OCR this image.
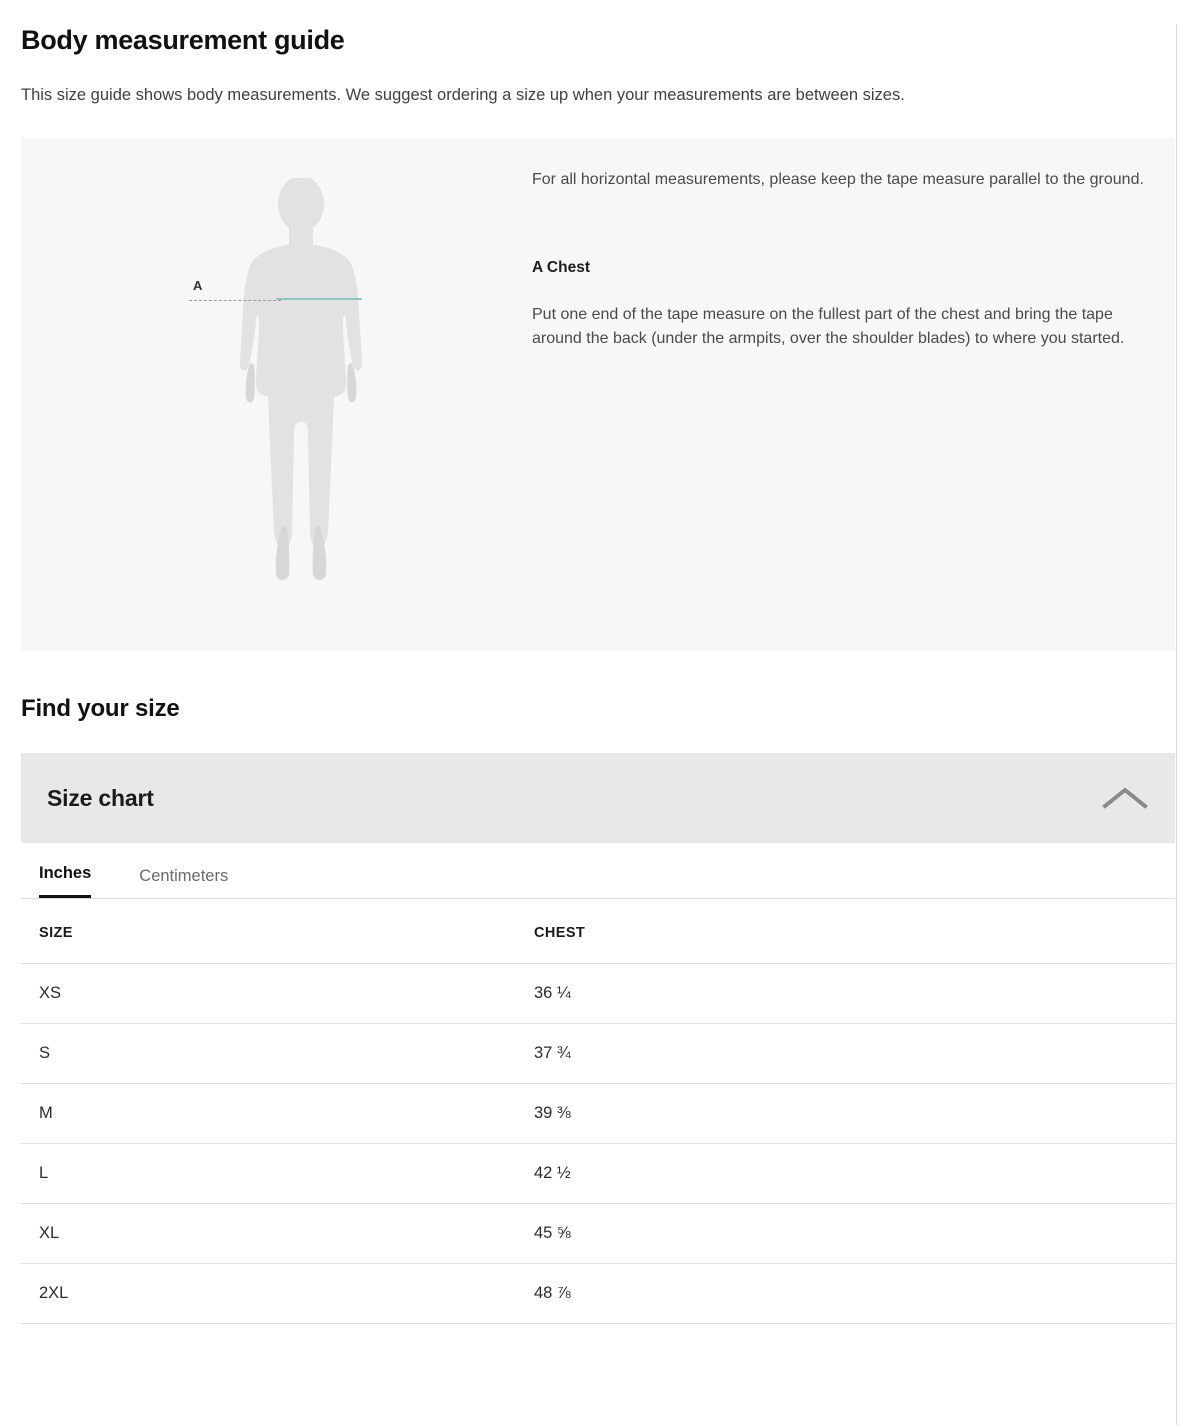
Body measurement guide

This size guide shows body measurements. We suggest ordering a size up when your measurements are between sizes.

A

For all horizontal measurements, please keep the tape measure parallel to the ground.

A Chest

Put one end of the tape measure on the fullest part of the chest and bring the tape around the back (under the armpits, over the shoulder blades) to where you started.

Find your size
Size chart
Inches	Centimeters
SIZE	CHEST
XS	36 ¼
S	37 ¾
M	39 ⅜
L	42 ½
XL	45 ⅝
2XL	48 ⅞
